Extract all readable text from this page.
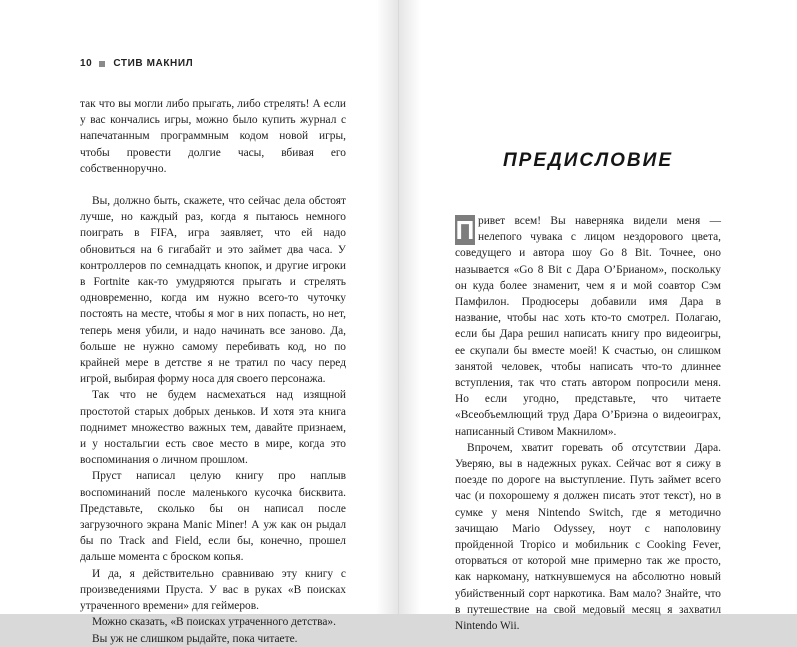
10 СТИВ МАКНИЛ

так что вы могли либо прыгать, либо стрелять! А если у вас кончались игры, можно было купить журнал с напечатанным программным кодом новой игры, чтобы провести долгие часы, вбивая его собственноручно.

Вы, должно быть, скажете, что сейчас дела обстоят лучше, но каждый раз, когда я пытаюсь немного поиграть в FIFA, игра заявляет, что ей надо обновиться на 6 гигабайт и это займет два часа. У контроллеров по семнадцать кнопок, и другие игроки в Fortnite как-то умудряются прыгать и стрелять одновременно, когда им нужно всего-то чуточку постоять на месте, чтобы я мог в них попасть, но нет, теперь меня убили, и надо начинать все заново. Да, больше не нужно самому перебивать код, но по крайней мере в детстве я не тратил по часу перед игрой, выбирая форму носа для своего персонажа.

Так что не будем насмехаться над изящной простотой старых добрых деньков. И хотя эта книга поднимет множество важных тем, давайте признаем, и у ностальгии есть свое место в мире, когда это воспоминания о личном прошлом.

Пруст написал целую книгу про наплыв воспоминаний после маленького кусочка бисквита. Представьте, сколько бы он написал после загрузочного экрана Manic Miner! А уж как он рыдал бы по Track and Field, если бы, конечно, прошел дальше момента с броском копья.

И да, я действительно сравниваю эту книгу с произведениями Пруста. У вас в руках «В поисках утраченного времени» для геймеров.

Можно сказать, «В поисках утраченного детства».

Вы уж не слишком рыдайте, пока читаете.

ПРЕДИСЛОВИЕ

П ривет всем! Вы наверняка видели меня — нелепого чувака с лицом нездорового цвета, соведущего и автора шоу Go 8 Bit. Точнее, оно называется «Go 8 Bit с Дара О’Брианом», поскольку он куда более знаменит, чем я и мой соавтор Сэм Памфилон. Продюсеры добавили имя Дара в название, чтобы нас хоть кто-то смотрел. Полагаю, если бы Дара решил написать книгу про видеоигры, ее скупали бы вместе моей! К счастью, он слишком занятой человек, чтобы написать что-то длиннее вступления, так что стать автором попросили меня. Но если угодно, представьте, что читаете «Всеобъемлющий труд Дара О’Бриэна о видеоиграх, написанный Стивом Макнилом».

Впрочем, хватит горевать об отсутствии Дара. Уверяю, вы в надежных руках. Сейчас вот я сижу в поезде по дороге на выступление. Путь займет всего час (и похорошему я должен писать этот текст), но в сумке у меня Nintendo Switch, где я методично зачищаю Mario Odyssey, ноут с наполовину пройденной Tropico и мобильник с Cooking Fever, оторваться от которой мне примерно так же просто, как наркоману, наткнувшемуся на абсолютно новый убийственный сорт наркотика. Вам мало? Знайте, что в путешествие на свой медовый месяц я захватил Nintendo Wii.
